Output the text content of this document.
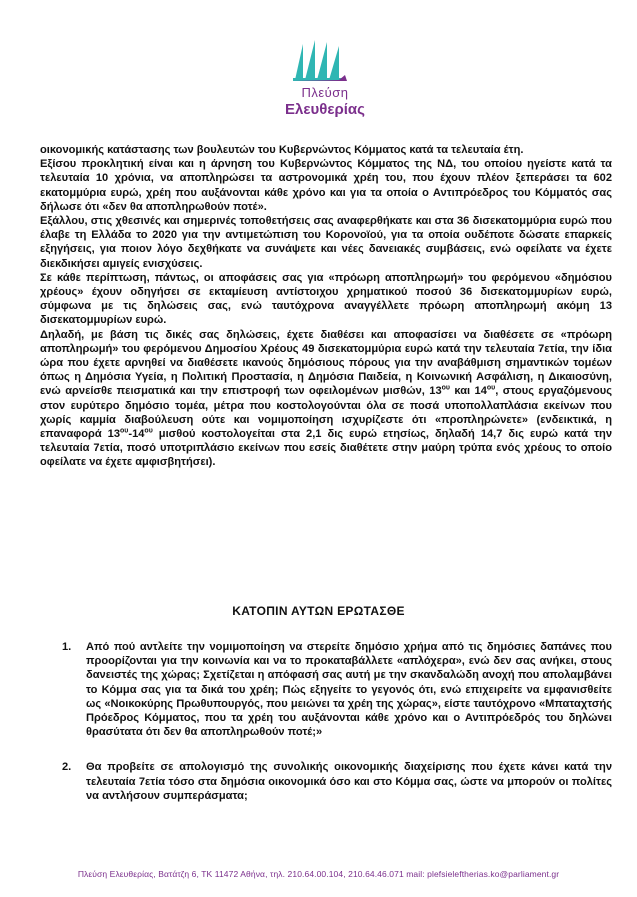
Πλεύση
Ελευθερίας

οικονομικής κατάστασης των βουλευτών του Κυβερνώντος Κόμματος κατά τα τελευταία έτη.

Εξίσου προκλητική είναι και η άρνηση του Κυβερνώντος Κόμματος της ΝΔ, του οποίου ηγείστε κατά τα τελευταία 10 χρόνια, να αποπληρώσει τα αστρονομικά χρέη του, που έχουν πλέον ξεπεράσει τα 602 εκατομμύρια ευρώ, χρέη που αυξάνονται κάθε χρόνο και για τα οποία ο Αντιπρόεδρος του Κόμματός σας δήλωσε ότι «δεν θα αποπληρωθούν ποτέ».

Εξάλλου, στις χθεσινές και σημερινές τοποθετήσεις σας αναφερθήκατε και στα 36 δισεκατομμύρια ευρώ που έλαβε τη Ελλάδα το 2020 για την αντιμετώπιση του Κορονοϊού, για τα οποία ουδέποτε δώσατε επαρκείς εξηγήσεις, για ποιον λόγο δεχθήκατε να συνάψετε και νέες δανειακές συμβάσεις, ενώ οφείλατε να έχετε διεκδικήσει αμιγείς ενισχύσεις.

Σε κάθε περίπτωση, πάντως, οι αποφάσεις σας για «πρόωρη αποπληρωμή» του φερόμενου «δημόσιου χρέους» έχουν οδηγήσει σε εκταμίευση αντίστοιχου χρηματικού ποσού 36 δισεκατομμυρίων ευρώ, σύμφωνα με τις δηλώσεις σας, ενώ ταυτόχρονα αναγγέλλετε πρόωρη αποπληρωμή ακόμη 13 δισεκατομμυρίων ευρώ.

Δηλαδή, με βάση τις δικές σας δηλώσεις, έχετε διαθέσει και αποφασίσει να διαθέσετε σε «πρόωρη αποπληρωμή» του φερόμενου Δημοσίου Χρέους 49 δισεκατομμύρια ευρώ κατά την τελευταία 7ετία, την ίδια ώρα που έχετε αρνηθεί να διαθέσετε ικανούς δημόσιους πόρους για την αναβάθμιση σημαντικών τομέων όπως η Δημόσια Υγεία, η Πολιτική Προστασία, η Δημόσια Παιδεία, η Κοινωνική Ασφάλιση, η Δικαιοσύνη, ενώ αρνείσθε πεισματικά και την επιστροφή των οφειλομένων μισθών, $13^{o\upsilon}$ και $14^{o\upsilon}$, στους εργαζόμενους στον ευρύτερο δημόσιο τομέα, μέτρα που κοστολογούνται όλα σε ποσά υποπολλαπλάσια εκείνων που χωρίς καμμία διαβούλευση ούτε και νομιμοποίηση ισχυρίζεστε ότι «προπληρώνετε» (ενδεικτικά, η επαναφορά $13^{o\upsilon}-14^{o\upsilon}$ μισθού κοστολογείται στα 2,1 δις ευρώ ετησίως, δηλαδή 14,7 δις ευρώ κατά την τελευταία 7ετία, ποσό υποτριπλάσιο εκείνων που εσείς διαθέτετε στην μαύρη τρύπα ενός χρέους το οποίο οφείλατε να έχετε αμφισβητήσει).

ΚΑΤΟΠΙΝ ΑΥΤΩΝ ΕΡΩΤΑΣΘΕ
1. Από πού αντλείτε την νομιμοποίηση να στερείτε δημόσιο χρήμα από τις δημόσιες δαπάνες που προορίζονται για την κοινωνία και να το προκαταβάλλετε «απλόχερα», ενώ δεν σας ανήκει, στους δανειστές της χώρας; Σχετίζεται η απόφασή σας αυτή με την σκανδαλώδη ανοχή που απολαμβάνει το Κόμμα σας για τα δικά του χρέη; Πώς εξηγείτε το γεγονός ότι, ενώ επιχειρείτε να εμφανισθείτε ως «Νοικοκύρης Πρωθυπουργός, που μειώνει τα χρέη της χώρας», είστε ταυτόχρονο «Μπαταχτσής Πρόεδρος Κόμματος, που τα χρέη του αυξάνονται κάθε χρόνο και ο Αντιπρόεδρός του δηλώνει θρασύτατα ότι δεν θα αποπληρωθούν ποτέ;»
2. Θα προβείτε σε απολογισμό της συνολικής οικονομικής διαχείρισης που έχετε κάνει κατά την τελευταία 7ετία τόσο στα δημόσια οικονομικά όσο και στο Κόμμα σας, ώστε να μπορούν οι πολίτες να αντλήσουν συμπεράσματα;
Πλεύση Ελευθερίας, Βατάτζη 6, ΤΚ 11472 Αθήνα, τηλ. 210.64.00.104, 210.64.46.071 mail: plefsieleftherias.ko@parliament.gr
